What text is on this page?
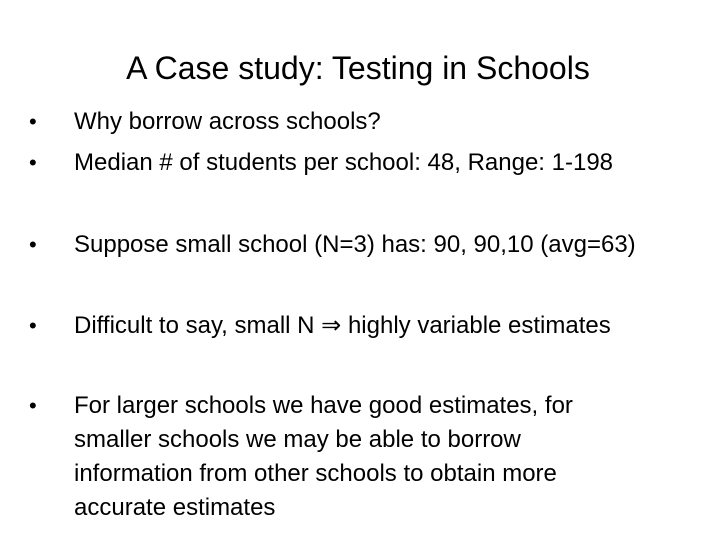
A Case study: Testing in Schools
• Why borrow across schools?
• Median # of students per school: 48, Range: 1-198
• Suppose small school (N=3) has: 90, 90,10 (avg=63)
• Difficult to say, small N ⇒ highly variable estimates
• For larger schools we have good estimates, for smaller schools we may be able to borrow information from other schools to obtain more accurate estimates
